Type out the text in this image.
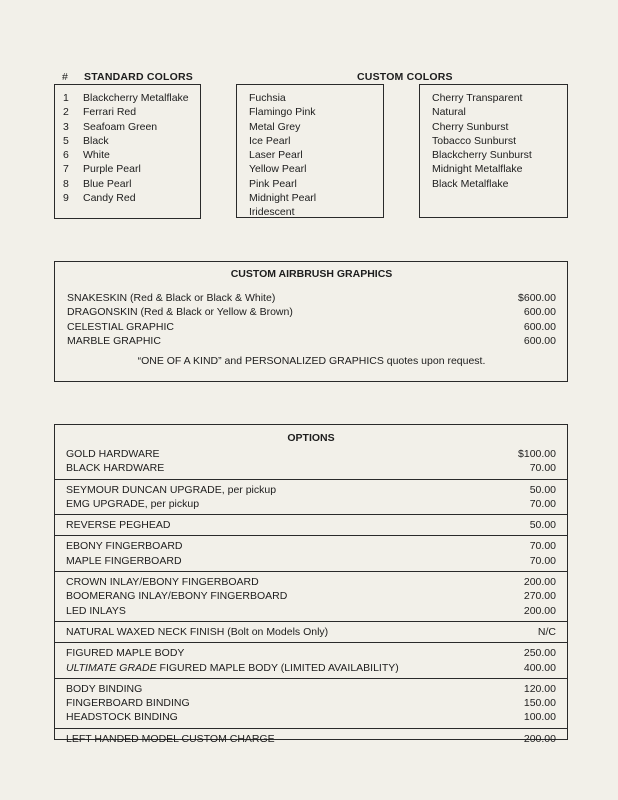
# STANDARD COLORS
1 Blackcherry Metalflake
2 Ferrari Red
3 Seafoam Green
5 Black
6 White
7 Purple Pearl
8 Blue Pearl
9 Candy Red
CUSTOM COLORS
Fuchsia
Flamingo Pink
Metal Grey
Ice Pearl
Laser Pearl
Yellow Pearl
Pink Pearl
Midnight Pearl
Iridescent
Cherry Transparent
Natural
Cherry Sunburst
Tobacco Sunburst
Blackcherry Sunburst
Midnight Metalflake
Black Metalflake
CUSTOM AIRBRUSH GRAPHICS
SNAKESKIN (Red & Black or Black & White)	$600.00
DRAGONSKIN (Red & Black or Yellow & Brown)	600.00
CELESTIAL GRAPHIC	600.00
MARBLE GRAPHIC	600.00
“ONE OF A KIND” and PERSONALIZED GRAPHICS quotes upon request.
OPTIONS
GOLD HARDWARE	$100.00
BLACK HARDWARE	70.00
SEYMOUR DUNCAN UPGRADE, per pickup	50.00
EMG UPGRADE, per pickup	70.00
REVERSE PEGHEAD	50.00
EBONY FINGERBOARD	70.00
MAPLE FINGERBOARD	70.00
CROWN INLAY/EBONY FINGERBOARD	200.00
BOOMERANG INLAY/EBONY FINGERBOARD	270.00
LED INLAYS	200.00
NATURAL WAXED NECK FINISH (Bolt on Models Only)	N/C
FIGURED MAPLE BODY	250.00
ULTIMATE GRADE FIGURED MAPLE BODY (LIMITED AVAILABILITY)	400.00
BODY BINDING	120.00
FINGERBOARD BINDING	150.00
HEADSTOCK BINDING	100.00
LEFT HANDED MODEL CUSTOM CHARGE	200.00
